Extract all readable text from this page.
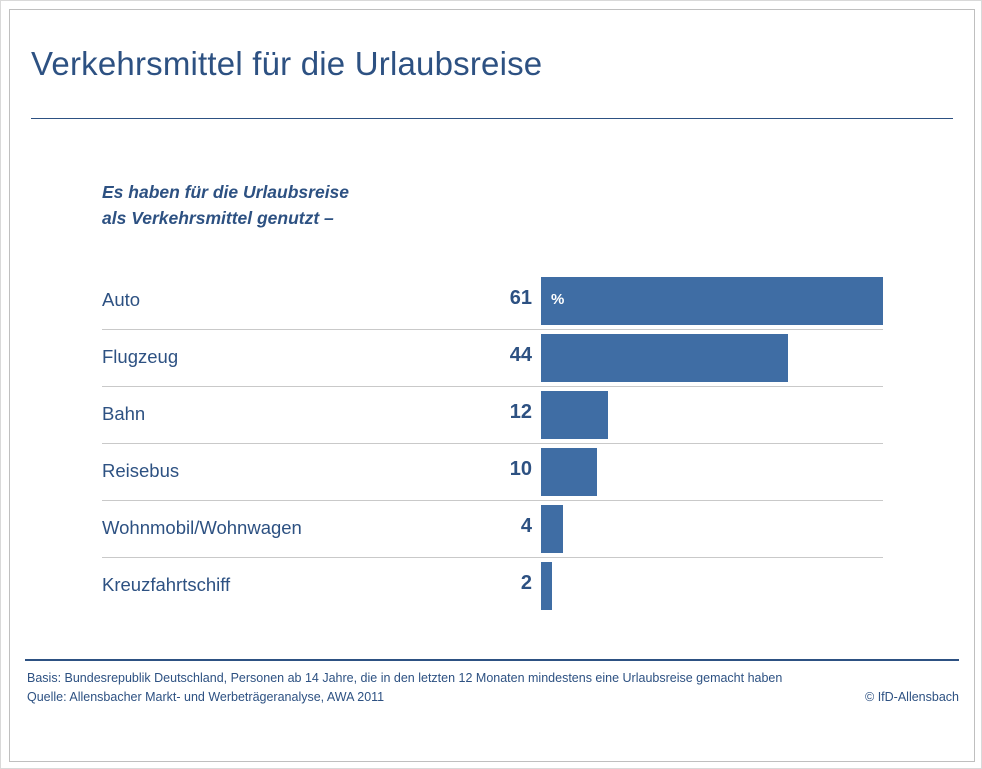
Verkehrsmittel für die Urlaubsreise
Es haben für die Urlaubsreise
als Verkehrsmittel genutzt –
Auto	61 %
Flugzeug	44
Bahn	12
Reisebus	10
Wohnmobil/Wohnwagen	4
Kreuzfahrtschiff	2
Basis: Bundesrepublik Deutschland, Personen ab 14 Jahre, die in den letzten 12 Monaten mindestens eine Urlaubsreise gemacht haben
Quelle: Allensbacher Markt- und Werbeträgeranalyse, AWA 2011	© IfD-Allensbach
